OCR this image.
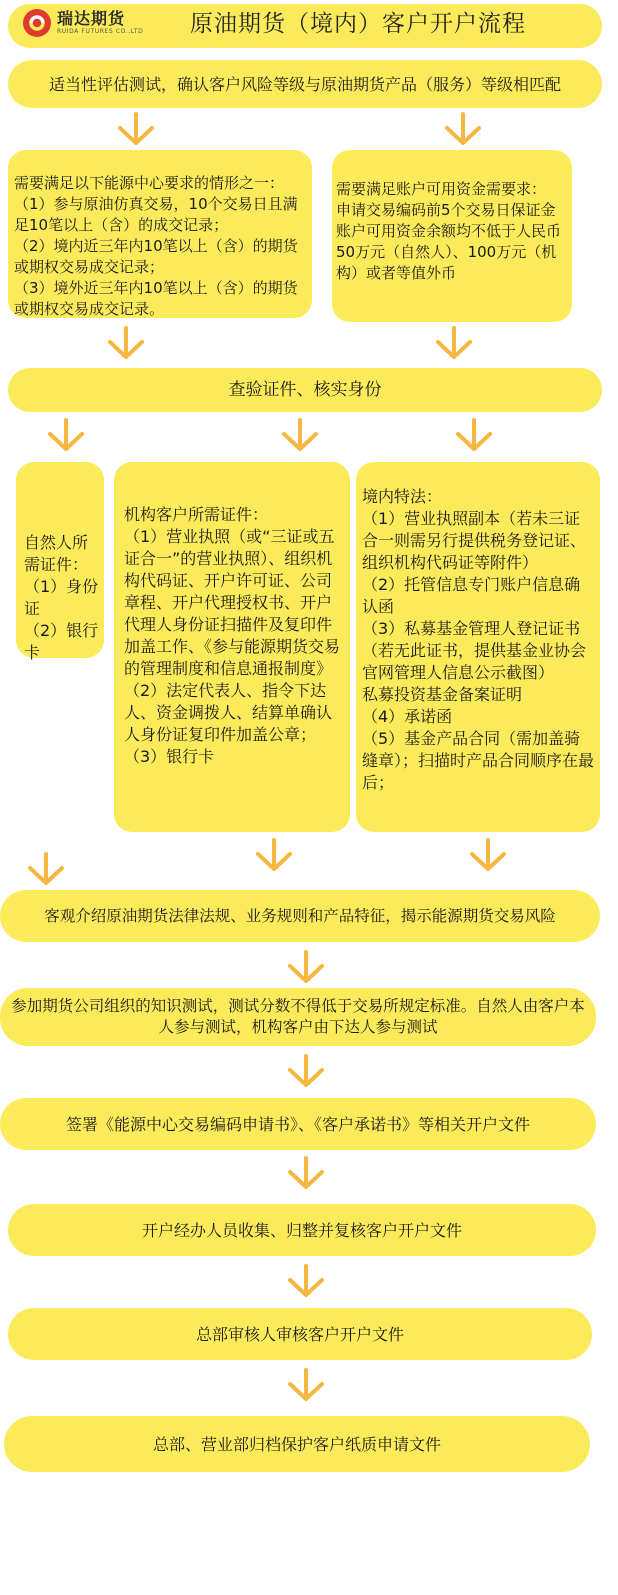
瑞达期货
RUIDA FUTURES CO.,LTD 原油期货（境内）客户开户流程
适当性评估测试，确认客户风险等级与原油期货产品（服务）等级相匹配

需要满足以下能源中心要求的情形之一：
（1）参与原油仿真交易，10个交易日且满足10笔以上（含）的成交记录；
（2）境内近三年内10笔以上（含）的期货或期权交易成交记录；
（3）境外近三年内10笔以上（含）的期货或期权交易成交记录。

需要满足账户可用资金需要求：
申请交易编码前5个交易日保证金账户可用资金余额均不低于人民币50万元（自然人）、100万元（机构）或者等值外币

查验证件、核实身份

自然人所需证件：
（1）身份证
（2）银行卡

机构客户所需证件：
（1）营业执照（或“三证或五证合一”的营业执照）、组织机构代码证、开户许可证、公司章程、开户代理授权书、开户代理人身份证扫描件及复印件加盖工作、《参与能源期货交易的管理制度和信息通报制度》
（2）法定代表人、指令下达人、资金调拨人、结算单确认人身份证复印件加盖公章；
（3）银行卡

境内特法：
（1）营业执照副本（若未三证合一则需另行提供税务登记证、组织机构代码证等附件）
（2）托管信息专门账户信息确认函
（3）私募基金管理人登记证书（若无此证书，提供基金业协会官网管理人信息公示截图）
私募投资基金备案证明
（4）承诺函
（5）基金产品合同（需加盖骑缝章）；扫描时产品合同顺序在最后；

客观介绍原油期货法律法规、业务规则和产品特征，揭示能源期货交易风险
参加期货公司组织的知识测试，测试分数不得低于交易所规定标准。自然人由客户本人参与测试，机构客户由下达人参与测试
签署《能源中心交易编码申请书》、《客户承诺书》等相关开户文件
开户经办人员收集、归整并复核客户开户文件
总部审核人审核客户开户文件
总部、营业部归档保护客户纸质申请文件
